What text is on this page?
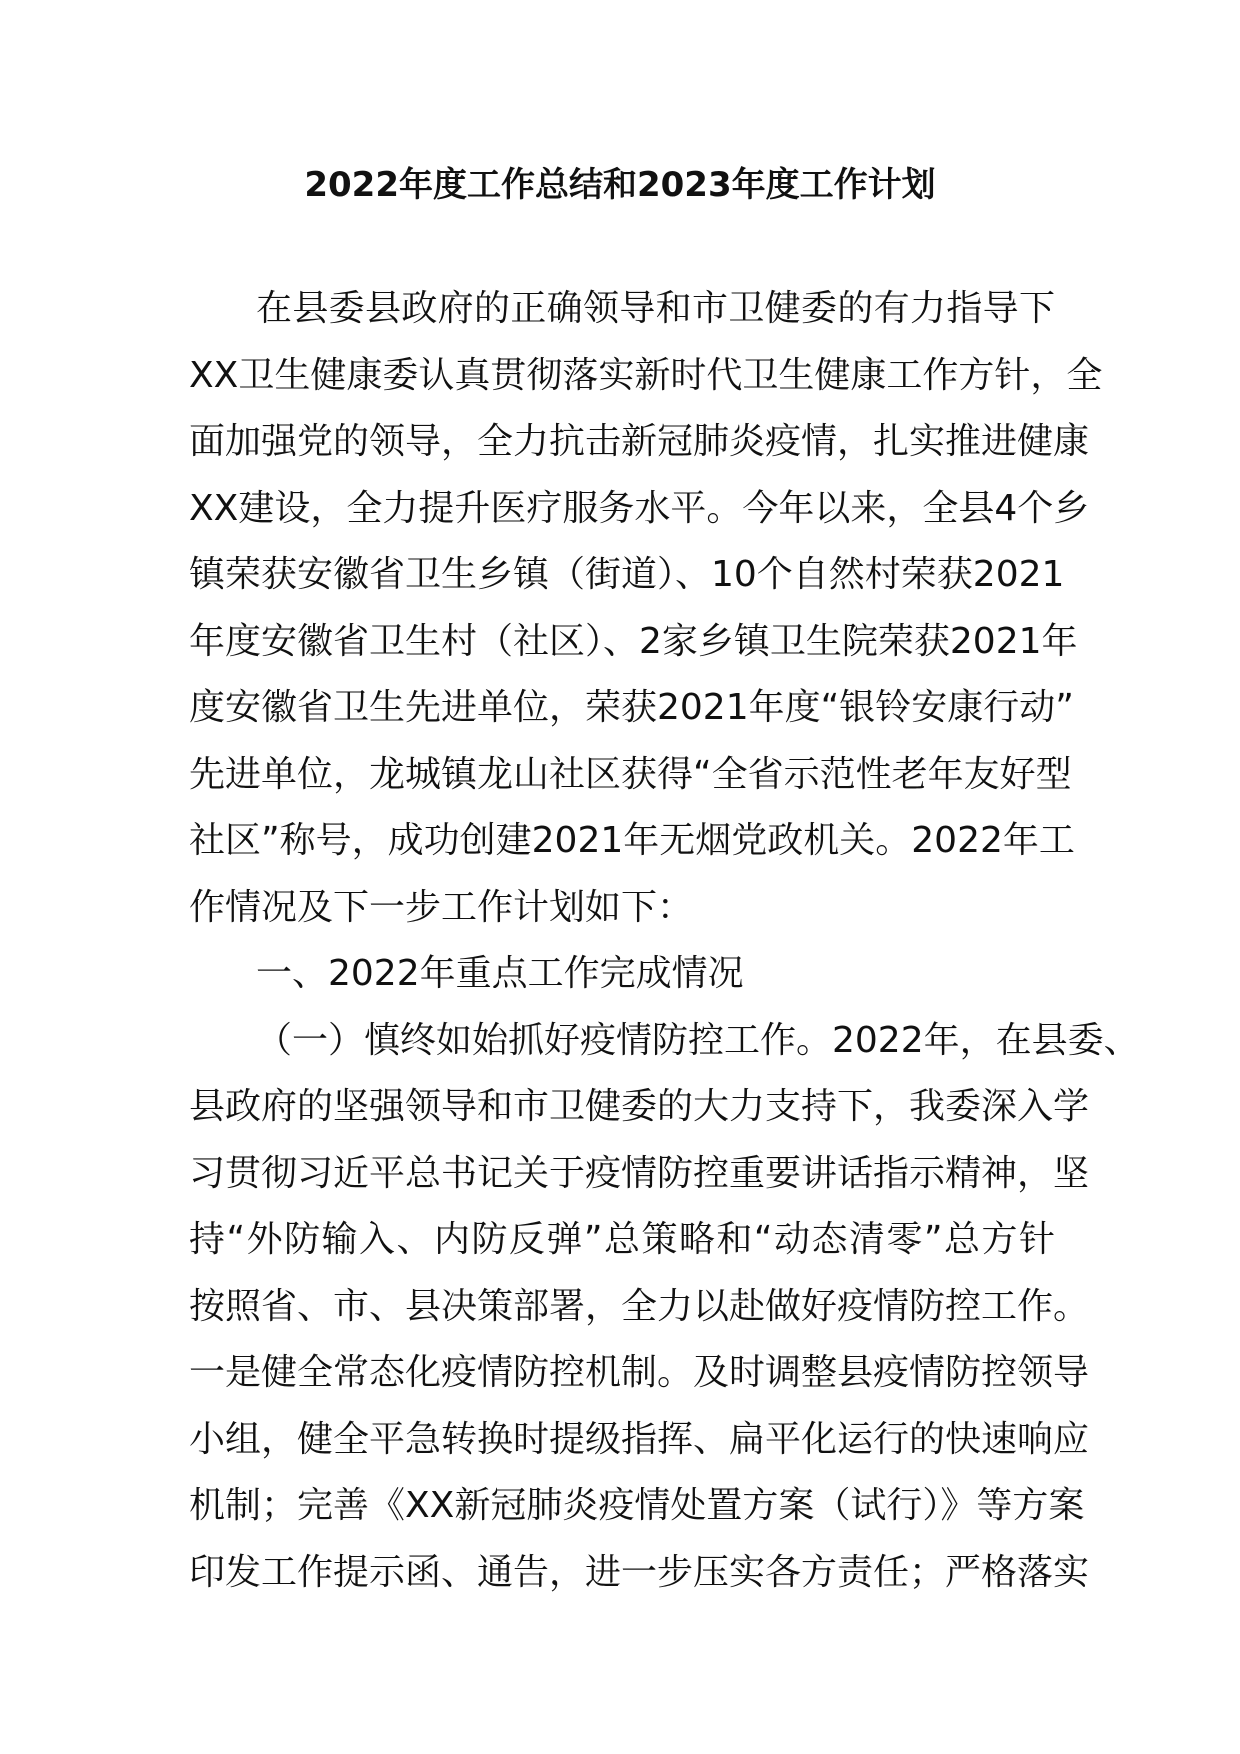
2022年度工作总结和2023年度工作计划
在县委县政府的正确领导和市卫健委的有力指导下
XX卫生健康委认真贯彻落实新时代卫生健康工作方针，全
面加强党的领导，全力抗击新冠肺炎疫情，扎实推进健康
XX建设，全力提升医疗服务水平。今年以来，全县4个乡
镇荣获安徽省卫生乡镇（街道）、10个自然村荣获2021
年度安徽省卫生村（社区）、2家乡镇卫生院荣获2021年
度安徽省卫生先进单位，荣获2021年度“银铃安康行动”
先进单位，龙城镇龙山社区获得“全省示范性老年友好型
社区”称号，成功创建2021年无烟党政机关。2022年工
作情况及下一步工作计划如下：
一、2022年重点工作完成情况
（一）慎终如始抓好疫情防控工作。2022年，在县委、
县政府的坚强领导和市卫健委的大力支持下，我委深入学
习贯彻习近平总书记关于疫情防控重要讲话指示精神，坚
持“外防输入、内防反弹”总策略和“动态清零”总方针
按照省、市、县决策部署，全力以赴做好疫情防控工作。
一是健全常态化疫情防控机制。及时调整县疫情防控领导
小组，健全平急转换时提级指挥、扁平化运行的快速响应
机制；完善《XX新冠肺炎疫情处置方案（试行）》等方案
印发工作提示函、通告，进一步压实各方责任；严格落实
